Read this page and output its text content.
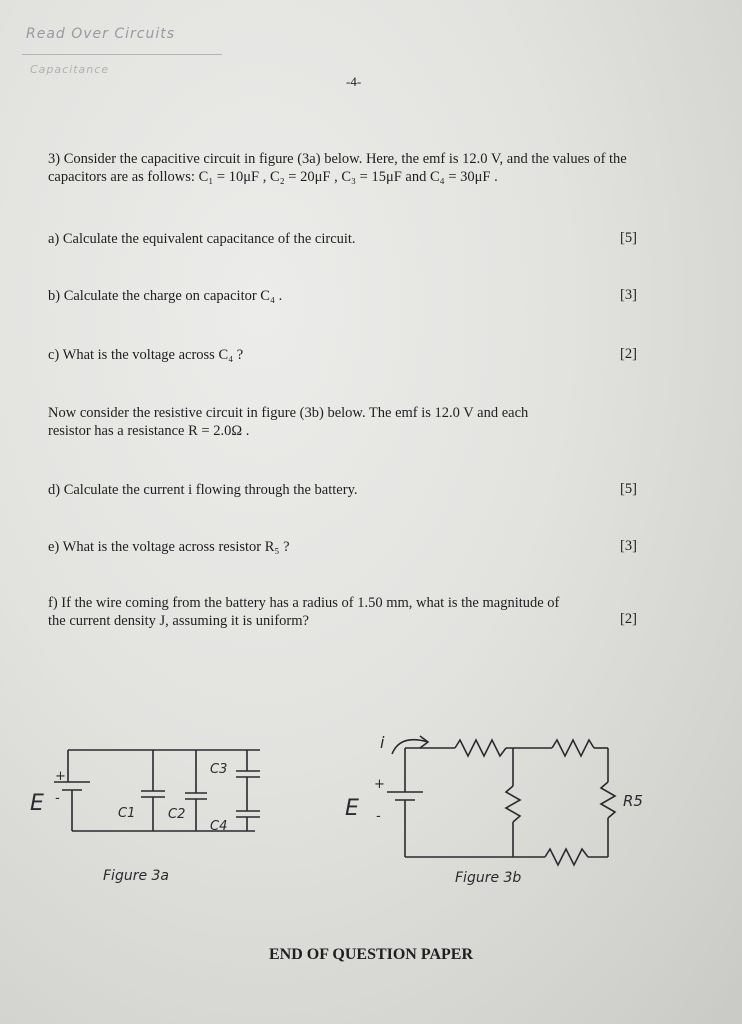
Read Over Circuits
Capacitance
-4-
3) Consider the capacitive circuit in figure (3a) below. Here, the emf is 12.0 V, and the values of the capacitors are as follows: C₁ = 10μF , C₂ = 20μF , C₃ = 15μF and C₄ = 30μF .
a) Calculate the equivalent capacitance of the circuit.	[5]
b) Calculate the charge on capacitor C₄ .	[3]
c) What is the voltage across C₄ ?	[2]
Now consider the resistive circuit in figure (3b) below. The emf is 12.0 V and each resistor has a resistance R = 2.0Ω .
d) Calculate the current i flowing through the battery.	[5]
e) What is the voltage across resistor R₅ ?	[3]
f) If the wire coming from the battery has a radius of 1.50 mm, what is the magnitude of the current density J, assuming it is uniform?	[2]
E
+
-
C1	C2
C3
C4
Figure 3a
E
+
-
i
R5
Figure 3b
END OF QUESTION PAPER
